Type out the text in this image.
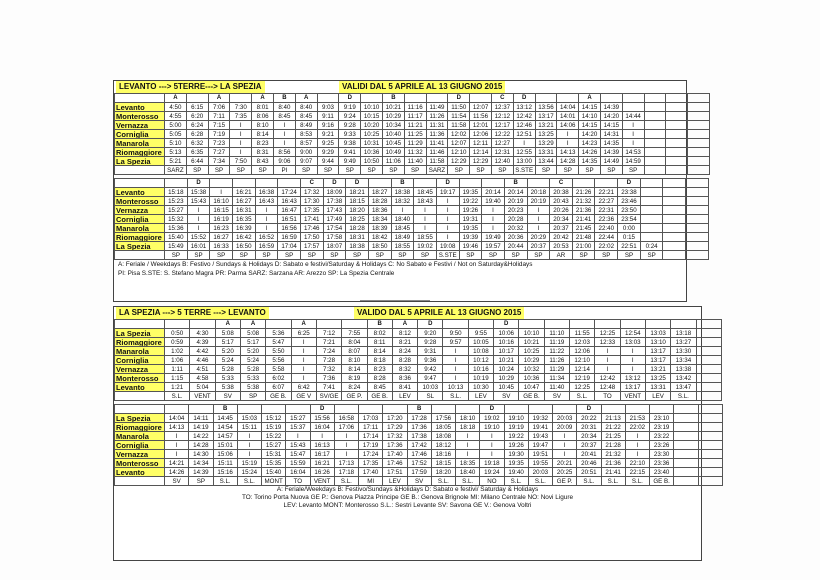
LEVANTO ---> 5TERRE---> LA SPEZIA	VALIDI DAL 5 APRILE AL 13 GIUGNO 2015
	A		A		A	B	A		D		B			D		C	D			A					
Levanto	4:50	6:15	7:06	7:30	8:01	8:40	8:40	9:03	9:19	10:10	10:21	11:16	11:49	11:50	12:07	12:37	13:12	13:56	14:04	14:15	14:39				
Monterosso	4:55	6:20	7:11	7:35	8:06	8:45	8:45	9:11	9:24	10:15	10:29	11:17	11:26	11:54	11:56	12:12	12:42	13:17	14:01	14:10	14:20	14:44			
Vernazza	5:00	6:24	7:15	I	8:10	I	8:49	9:16	9:28	10:20	10:34	11:21	11:31	11:58	12:01	12:17	12:46	13:21	14:06	14:15	14:15	I			
Corniglia	5:05	6:28	7:19	I	8:14	I	8:53	9:21	9:33	10:25	10:40	11:25	11:36	12:02	12:06	12:22	12:51	13:25	I	14:20	14:31	I			
Manarola	5:10	6:32	7:23	I	8:23	I	8:57	9:25	9:38	10:31	10:45	11:29	11:41	12:07	12:11	12:27	I	13:29	I	14:23	14:35	I			
Riomaggiore	5:13	6:35	7:27	I	8:31	8:56	9:00	9:29	9:41	10:36	10:49	11:32	11:46	12:10	12:14	12:31	12:55	13:31	14:13	14:26	14:39	14:53			
La Spezia	5:21	6:44	7:34	7:50	8:43	9:06	9:07	9:44	9:49	10:50	11:06	11:40	11:58	12:29	12:29	12:40	13:00	13:44	14:28	14:35	14:49	14:59			
	SARZ	SP	SP	SP	SP	PI	SP	SP	SP	SP	SP	SP	SARZ	SP	SP	SP	S.STE	SP	SP	SP	SP	SP			
		D					C	D	D		B		D			B		C			D			
Levanto	15:18	15:38	I	16:21	16:38	17:24	17:32	18:09	18:21	18:27	18:38	18:45	19:17	19:35	20:14	20:14	20:18	20:38	21:26	22:21	23:38			
Monterosso	15:23	15:43	16:10	16:27	16:43	16:43	17:30	17:38	18:15	18:28	18:32	18:43	I	19:22	19:40	20:19	20:19	20:43	21:32	22:27	23:46			
Vernazza	15:27	I	16:15	16:31	I	16:47	17:35	17:43	18:20	18:36	I	I	I	19:26	I	20:23	I	20:26	21:36	22:31	23:50			
Corniglia	15:32	I	16:19	16:35	I	16:51	17:41	17:49	18:25	18:34	18:40	I	I	19:31	I	20:28	I	20:34	21:41	22:36	23:54			
Manarola	15:36	I	16:23	16:39	I	16:56	17:46	17:54	18:28	18:39	18:45	I	I	19:35	I	20:32	I	20:37	21:45	22:40	0:00			
Riomaggiore	15:40	15:52	16:27	16:42	16:52	16:59	17:50	17:58	18:31	18:42	18:49	18:55	I	19:39	19:49	20:36	20:29	20:42	21:48	22:44	0:15			
La Spezia	15:49	16:01	16:33	16:50	16:59	17:04	17:57	18:07	18:38	18:50	18:55	19:02	19:08	19:46	19:57	20:44	20:37	20:53	21:00	22:02	22:51	0:24		
	SP	SP	SP	SP	SP	SP	SP	SP	SP	SP	SP	SP	S.STE	SP	SP	SP	SP	AR	SP	SP	SP	SP		
A: Feriale / Weekdays B: Festivo / Sundays & Holidays D: Sabato e festivi/Saturday & Holidays C: No Sabato e Festivi / Not on Saturday&Holidays
PI: Pisa S.STE: S. Stefano Magra PR: Parma SARZ: Sarzana AR: Arezzo SP: La Spezia Centrale
LA SPEZIA ---> 5 TERRE ---> LEVANTO	VALIDO DAL 5 APRILE AL 13 GIUGNO 2015
			A	A		A			B	A	D			D								
La Spezia	0:50	4:30	5:08	5:08	5:36	6:25	7:12	7:55	8:02	8:12	9:20	9:50	9:55	10:06	10:10	11:10	11:55	12:25	12:54	13:03	13:18	
Riomaggiore	0:59	4:39	5:17	5:17	5:47	I	7:21	8:04	8:11	8:21	9:28	9:57	10:05	10:16	10:21	11:19	12:03	12:33	13:03	13:10	13:27	
Manarola	1:02	4:42	5:20	5:20	5:50	I	7:24	8:07	8:14	8:24	9:31	I	10:08	10:17	10:25	11:22	12:06	I	I	13:17	13:30	
Corniglia	1:06	4:46	5:24	5:24	5:56	I	7:28	8:10	8:18	8:28	9:36	I	10:12	10:21	10:29	11:26	12:10	I	I	13:17	13:34	
Vernazza	1:11	4:51	5:28	5:28	5:58	I	7:32	8:14	8:23	8:32	9:42	I	10:16	10:24	10:32	11:29	12:14	I	I	13:21	13:38	
Monterosso	1:15	4:58	5:33	5:33	6:02	I	7:36	8:19	8:28	8:36	9:47	I	10:19	10:29	10:36	11:34	12:19	12:42	13:12	13:25	13:42	
Levanto	1:21	5:04	5:38	5:38	6:07	6:42	7:41	8:24	8:45	8:41	10:03	10:13	10:30	10:45	10:47	11:40	12:25	12:48	13:17	13:31	13:47	
	S.L.	VENT	SV	SP	GE B.	GE V	SV/GE	GE P.	GE B.	LEV	SL	S.L.	LEV	SV	GE B.	SV	S.L.	TO	VENT	LEV	S.L.	
			B				D				B			D				D					
La Spezia	14:04	14:11	14:45	15:03	15:12	15:27	15:56	16:58	17:03	17:20	17:28	17:56	18:10	19:02	19:10	19:32	20:03	20:22	21:13	21:53	23:10		
Riomaggiore	14:13	14:19	14:54	15:11	15:19	15:37	16:04	17:06	17:11	17:29	17:36	18:05	18:18	19:10	19:19	19:41	20:09	20:31	21:22	22:02	23:19		
Manarola	I	14:22	14:57	I	15:22	I	I	I	17:14	17:32	17:38	18:08	I	I	19:22	19:43	I	20:34	21:25	I	23:22		
Corniglia	I	14:28	15:01	I	15:27	15:43	16:13	I	17:19	17:36	17:42	18:12	I	I	19:26	19:47	I	20:37	21:28	I	23:26		
Vernazza	I	14:30	15:06	I	15:31	15:47	16:17	I	17:24	17:40	17:46	18:16	I	I	19:30	19:51	I	20:41	21:32	I	23:30		
Monterosso	14:21	14:34	15:11	15:19	15:35	15:59	16:21	17:13	17:35	17:46	17:52	18:15	18:35	19:18	19:35	19:55	20:21	20:46	21:36	22:10	23:36		
Levanto	14:26	14:39	15:16	15:24	15:40	16:04	16:26	17:18	17:40	17:51	17:59	18:20	18:40	19:24	19:40	20:03	20:25	20:51	21:41	22:15	23:40		
	SV	SP	S.L.	S.L.	MONT	TO	VENT	S.L.	MI	LEV	SV	S.L.	S.L.	NO	S.L.	S.L.	GE P.	S.L.	S.L.	S.L.	GE B.		
A: Feriale/Weekdays B: Festivo/Sundays &Holidays D: Sabato e festivi/ Saturday & Holidays
TO: Torino Porta Nuova GE P.: Genova Piazza Principe GE B.: Genova Brignole MI: Milano Centrale NO: Novi Ligure
LEV: Levanto MONT: Monterosso S.L.: Sestri Levante SV: Savona GE V.: Genova Voltri
